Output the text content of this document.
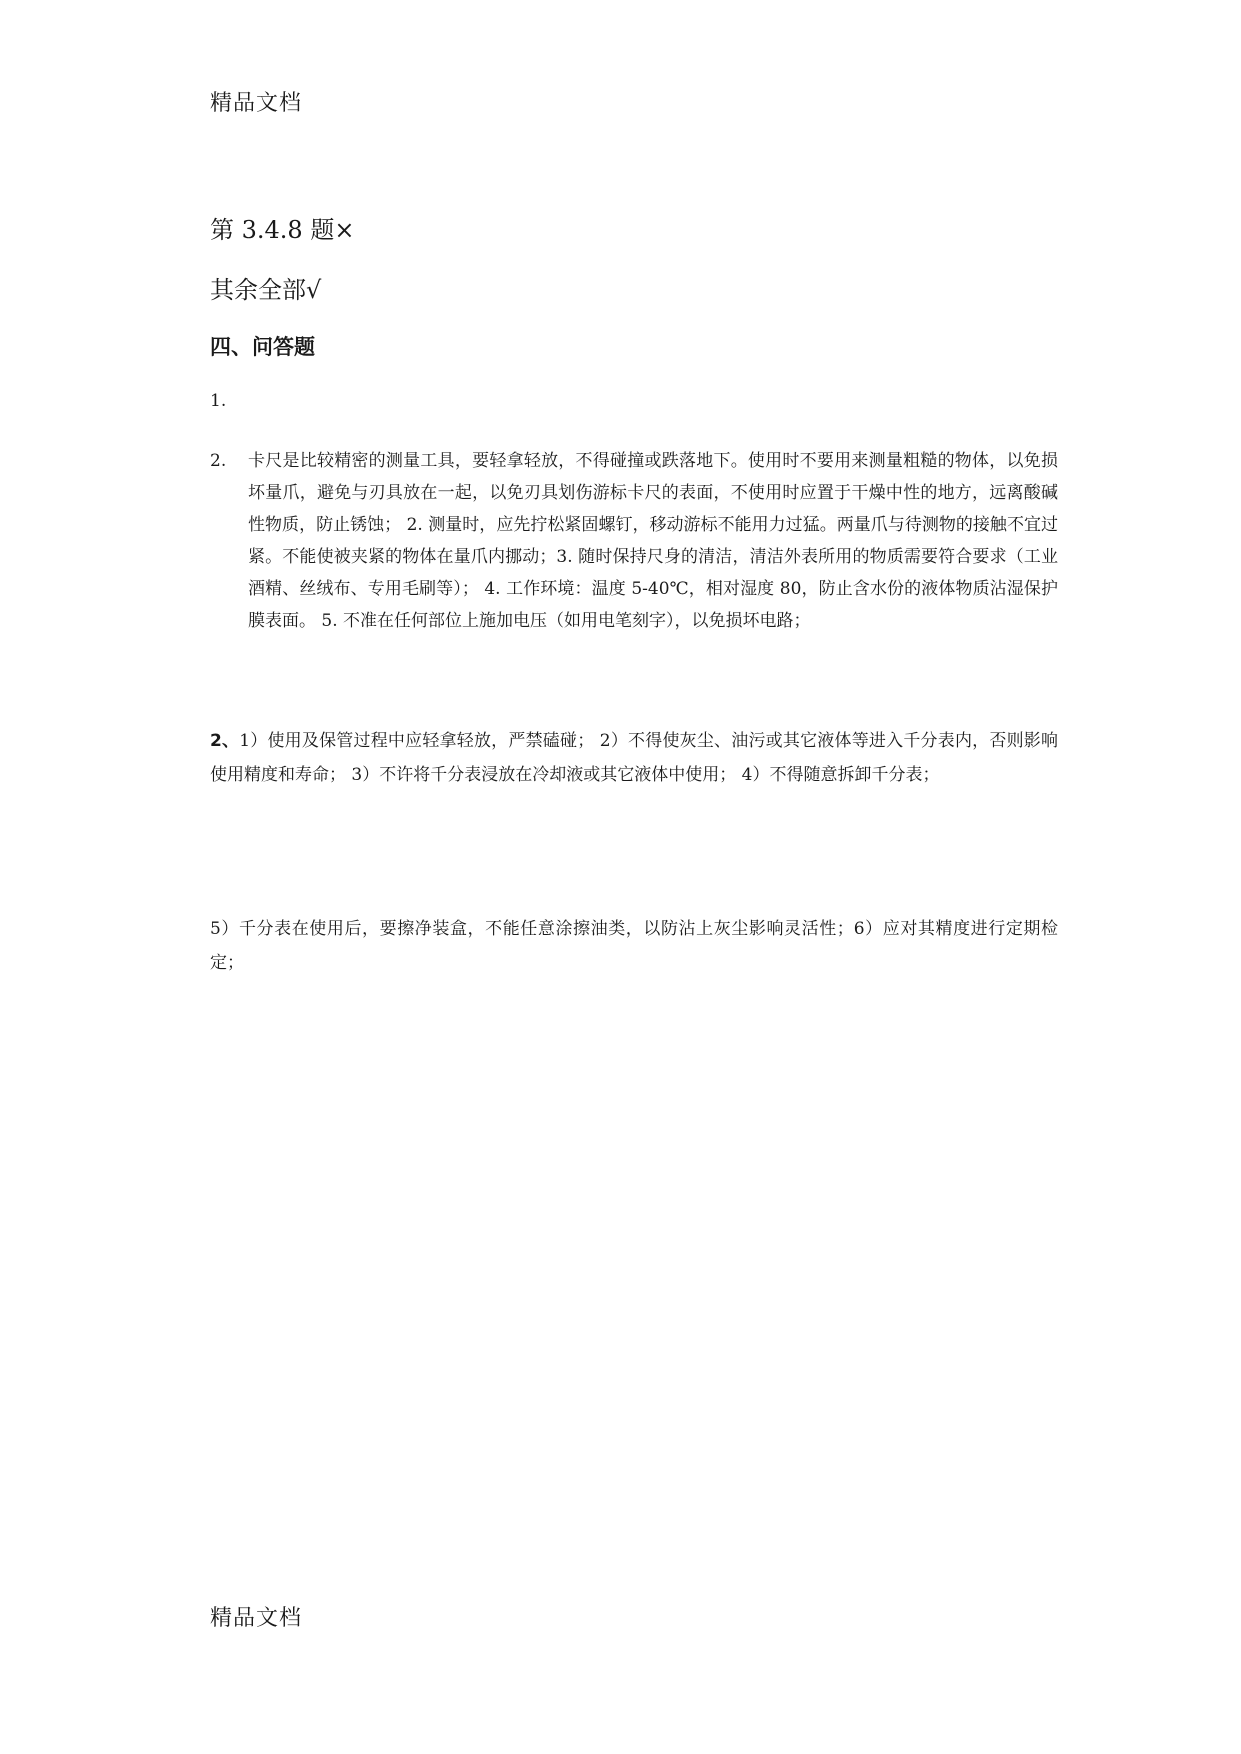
精品文档
第 3.4.8 题×
其余全部√
四、问答题
1.
2. 卡尺是比较精密的测量工具，要轻拿轻放，不得碰撞或跌落地下。使用时不要用来测量粗糙的物体，以免损坏量爪，避免与刃具放在一起，以免刃具划伤游标卡尺的表面，不使用时应置于干燥中性的地方，远离酸碱性物质，防止锈蚀； 2. 测量时，应先拧松紧固螺钉，移动游标不能用力过猛。两量爪与待测物的接触不宜过紧。不能使被夹紧的物体在量爪内挪动；3. 随时保持尺身的清洁，清洁外表所用的物质需要符合要求（工业酒精、丝绒布、专用毛刷等）； 4. 工作环境：温度 5-40℃，相对湿度 80，防止含水份的液体物质沾湿保护膜表面。 5. 不准在任何部位上施加电压（如用电笔刻字），以免损坏电路；
2、1）使用及保管过程中应轻拿轻放，严禁磕碰； 2）不得使灰尘、油污或其它液体等进入千分表内，否则影响使用精度和寿命； 3）不许将千分表浸放在冷却液或其它液体中使用； 4）不得随意拆卸千分表；
5）千分表在使用后，要擦净装盒，不能任意涂擦油类，以防沾上灰尘影响灵活性；6）应对其精度进行定期检定；
精品文档
